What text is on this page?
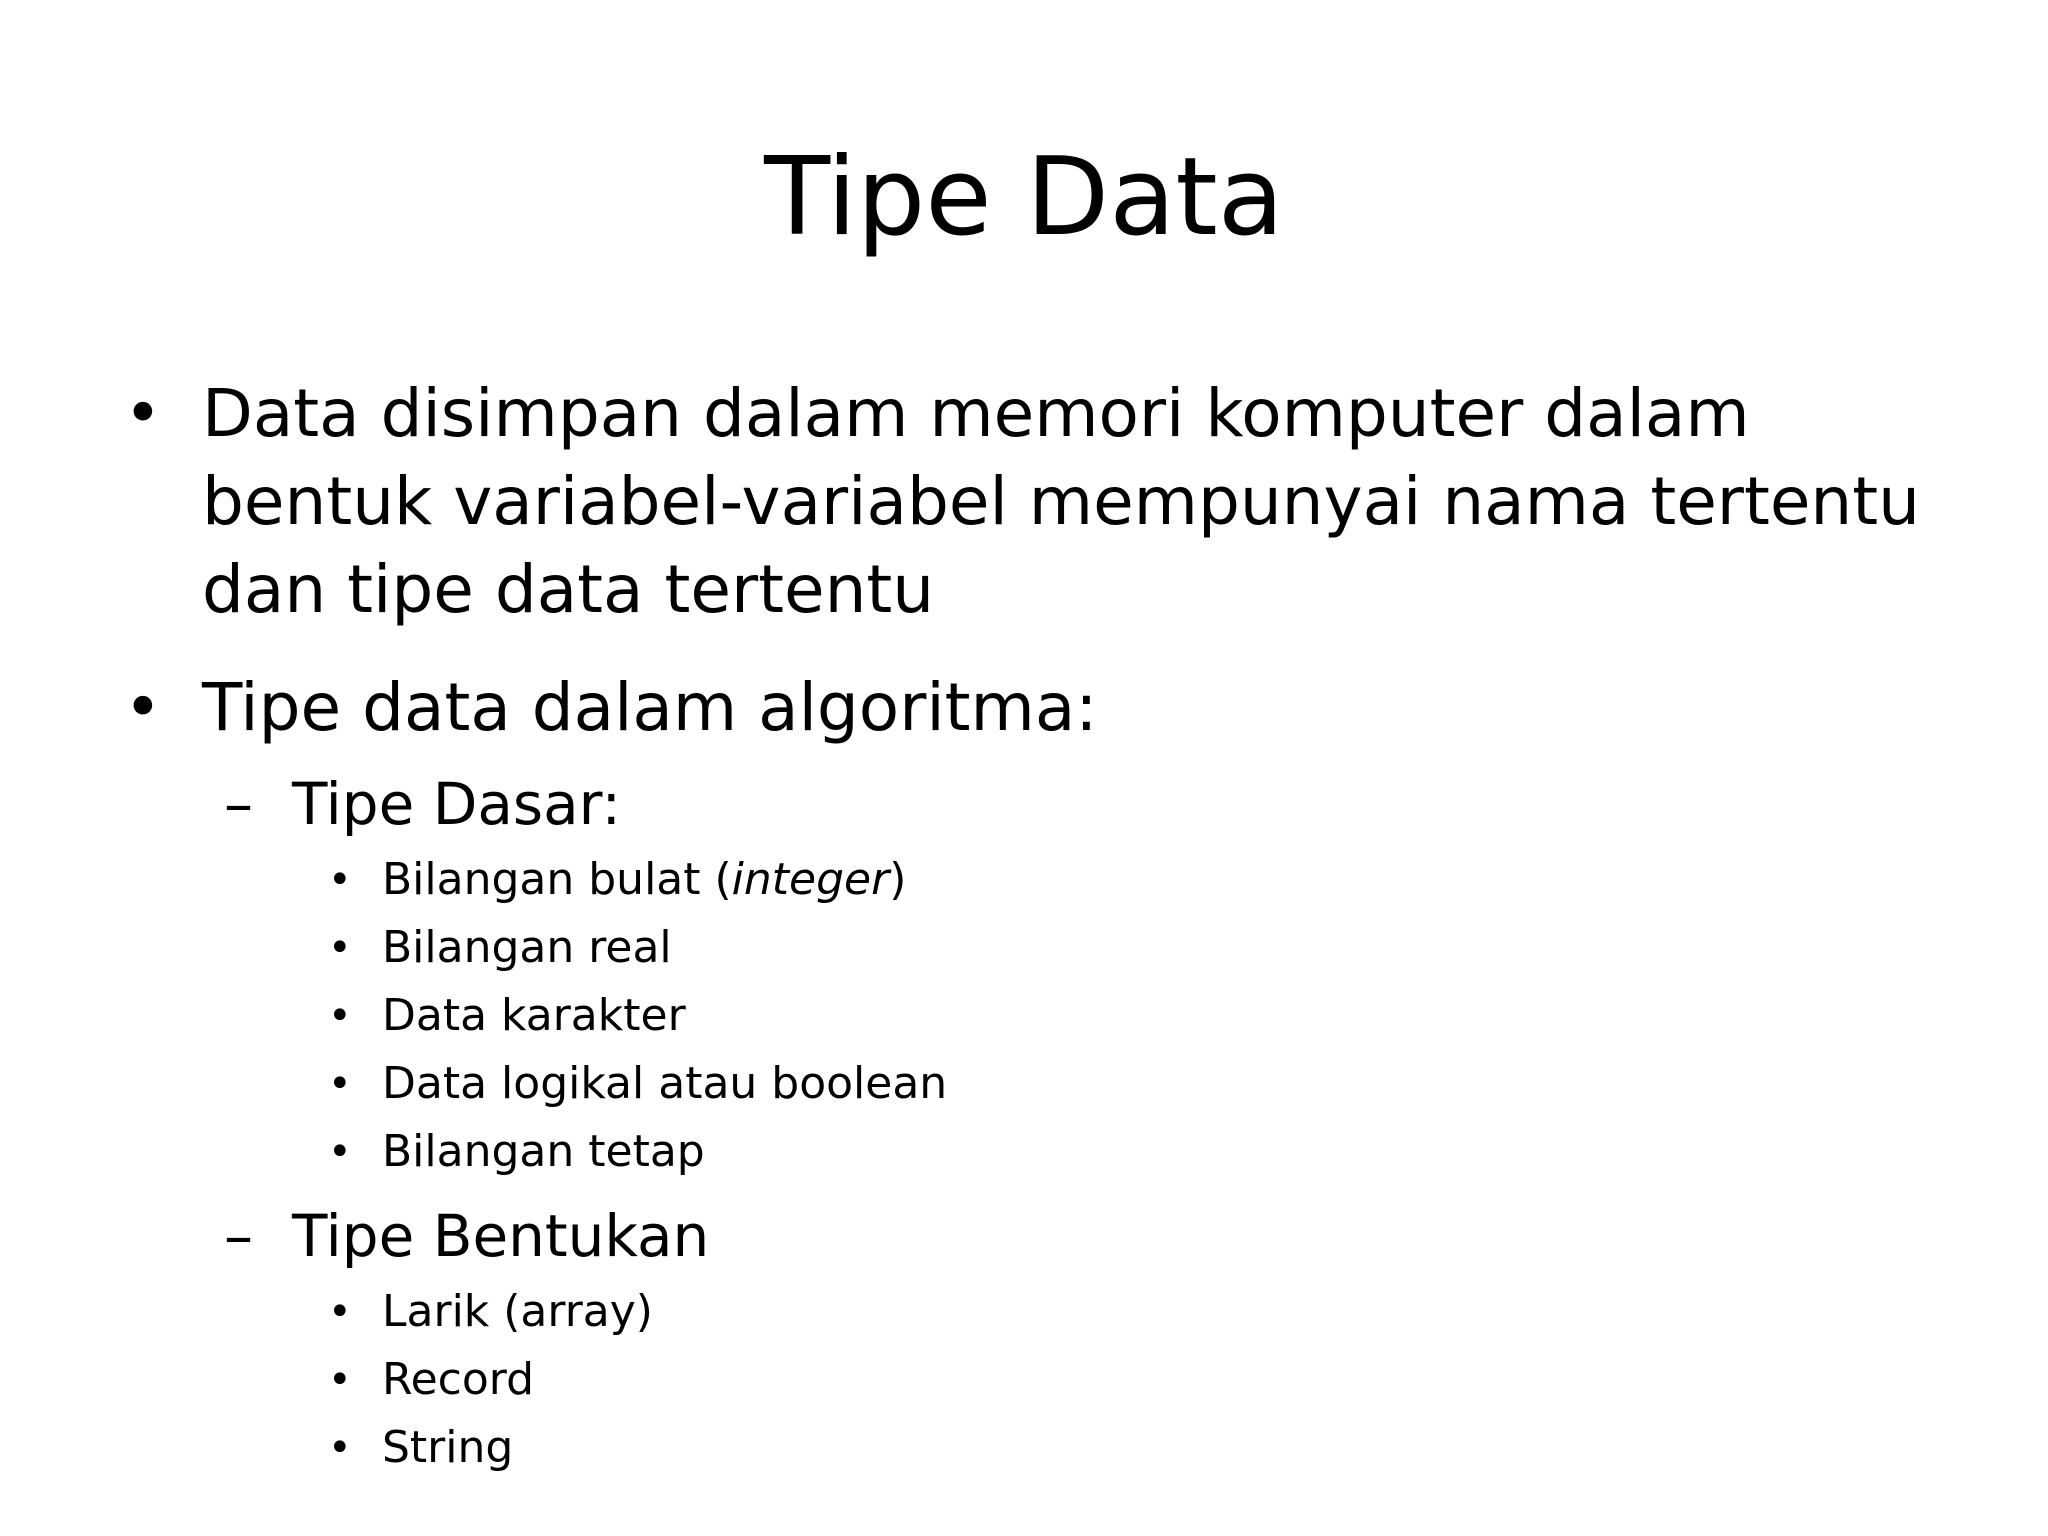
Tipe Data
• Data disimpan dalam memori komputer dalam
bentuk variabel-variabel mempunyai nama tertentu
dan tipe data tertentu
• Tipe data dalam algoritma:
– Tipe Dasar:
• Bilangan bulat (integer)
• Bilangan real
• Data karakter
• Data logikal atau boolean
• Bilangan tetap
– Tipe Bentukan
• Larik (array)
• Record
• String
